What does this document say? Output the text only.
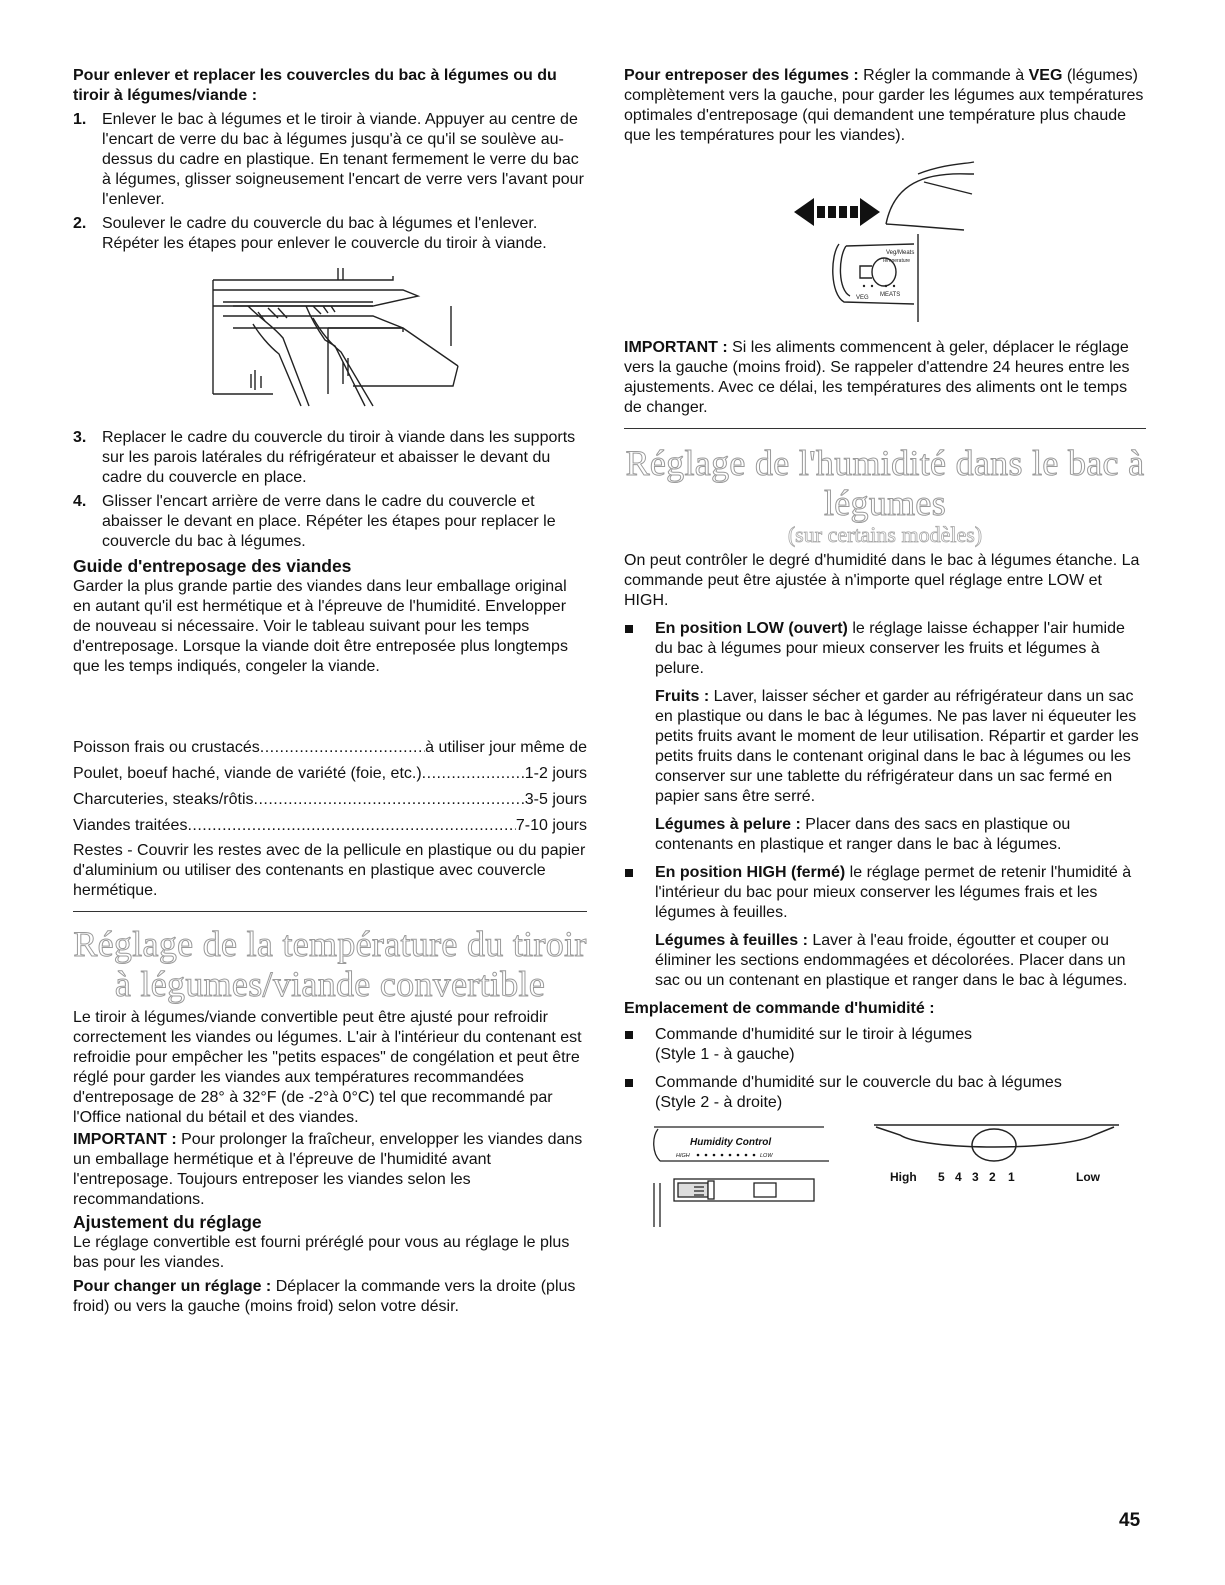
Pour enlever et replacer les couvercles du bac à légumes ou du tiroir à légumes/viande :

1. Enlever le bac à légumes et le tiroir à viande. Appuyer au centre de l'encart de verre du bac à légumes jusqu'à ce qu'il se soulève au-dessus du cadre en plastique. En tenant fermement le verre du bac à légumes, glisser soigneusement l'encart de verre vers l'avant pour l'enlever.
2. Soulever le cadre du couvercle du bac à légumes et l'enlever. Répéter les étapes pour enlever le couvercle du tiroir à viande.
3. Replacer le cadre du couvercle du tiroir à viande dans les supports sur les parois latérales du réfrigérateur et abaisser le devant du cadre du couvercle en place.
4. Glisser l'encart arrière de verre dans le cadre du couvercle et abaisser le devant en place. Répéter les étapes pour replacer le couvercle du bac à légumes.

Guide d'entreposage des viandes

Garder la plus grande partie des viandes dans leur emballage original en autant qu'il est hermétique et à l'épreuve de l'humidité. Envelopper de nouveau si nécessaire. Voir le tableau suivant pour les temps d'entreposage. Lorsque la viande doit être entreposée plus longtemps que les temps indiqués, congeler la viande.

Poisson frais ou crustacés .....	à utiliser jour même de
Poulet, boeuf haché, viande de variété (foie, etc.) .....	1-2 jours
Charcuteries, steaks/rôtis .....	3-5 jours
Viandes traitées .....	7-10 jours

Restes - Couvrir les restes avec de la pellicule en plastique ou du papier d'aluminium ou utiliser des contenants en plastique avec couvercle hermétique.

Réglage de la température du tiroir à légumes/viande convertible

Le tiroir à légumes/viande convertible peut être ajusté pour refroidir correctement les viandes ou légumes. L'air à l'intérieur du contenant est refroidie pour empêcher les "petits espaces" de congélation et peut être réglé pour garder les viandes aux températures recommandées d'entreposage de 28° à 32°F (de -2°à 0°C) tel que recommandé par l'Office national du bétail et des viandes.

IMPORTANT : Pour prolonger la fraîcheur, envelopper les viandes dans un emballage hermétique et à l'épreuve de l'humidité avant l'entreposage. Toujours entreposer les viandes selon les recommandations.

Ajustement du réglage

Le réglage convertible est fourni préréglé pour vous au réglage le plus bas pour les viandes.

Pour changer un réglage : Déplacer la commande vers la droite (plus froid) ou vers la gauche (moins froid) selon votre désir.

Pour entreposer des légumes : Régler la commande à VEG (légumes) complètement vers la gauche, pour garder les légumes aux températures optimales d'entreposage (qui demandent une température plus chaude que les températures pour les viandes).

Veg/Meats
Temperature
VEG MEATS

IMPORTANT : Si les aliments commencent à geler, déplacer le réglage vers la gauche (moins froid). Se rappeler d'attendre 24 heures entre les ajustements. Avec ce délai, les températures des aliments ont le temps de changer.

Réglage de l'humidité dans le bac à légumes

(sur certains modèles)

On peut contrôler le degré d'humidité dans le bac à légumes étanche. La commande peut être ajustée à n'importe quel réglage entre LOW et HIGH.

En position LOW (ouvert) le réglage laisse échapper l'air humide du bac à légumes pour mieux conserver les fruits et légumes à pelure.
Fruits : Laver, laisser sécher et garder au réfrigérateur dans un sac en plastique ou dans le bac à légumes. Ne pas laver ni équeuter les petits fruits avant le moment de leur utilisation. Répartir et garder les petits fruits dans le contenant original dans le bac à légumes ou les conserver sur une tablette du réfrigérateur dans un sac fermé en papier sans être serré.
Légumes à pelure : Placer dans des sacs en plastique ou contenants en plastique et ranger dans le bac à légumes.
En position HIGH (fermé) le réglage permet de retenir l'humidité à l'intérieur du bac pour mieux conserver les légumes frais et les légumes à feuilles.
Légumes à feuilles : Laver à l'eau froide, égoutter et couper ou éliminer les sections endommagées et décolorées. Placer dans un sac ou un contenant en plastique et ranger dans le bac à légumes.

Emplacement de commande d'humidité :

Commande d'humidité sur le tiroir à légumes
(Style 1 - à gauche)
Commande d'humidité sur le couvercle du bac à légumes
(Style 2 - à droite)
Humidity Control
HIGH	LOW
High 5 4 3 2 1	Low
45
